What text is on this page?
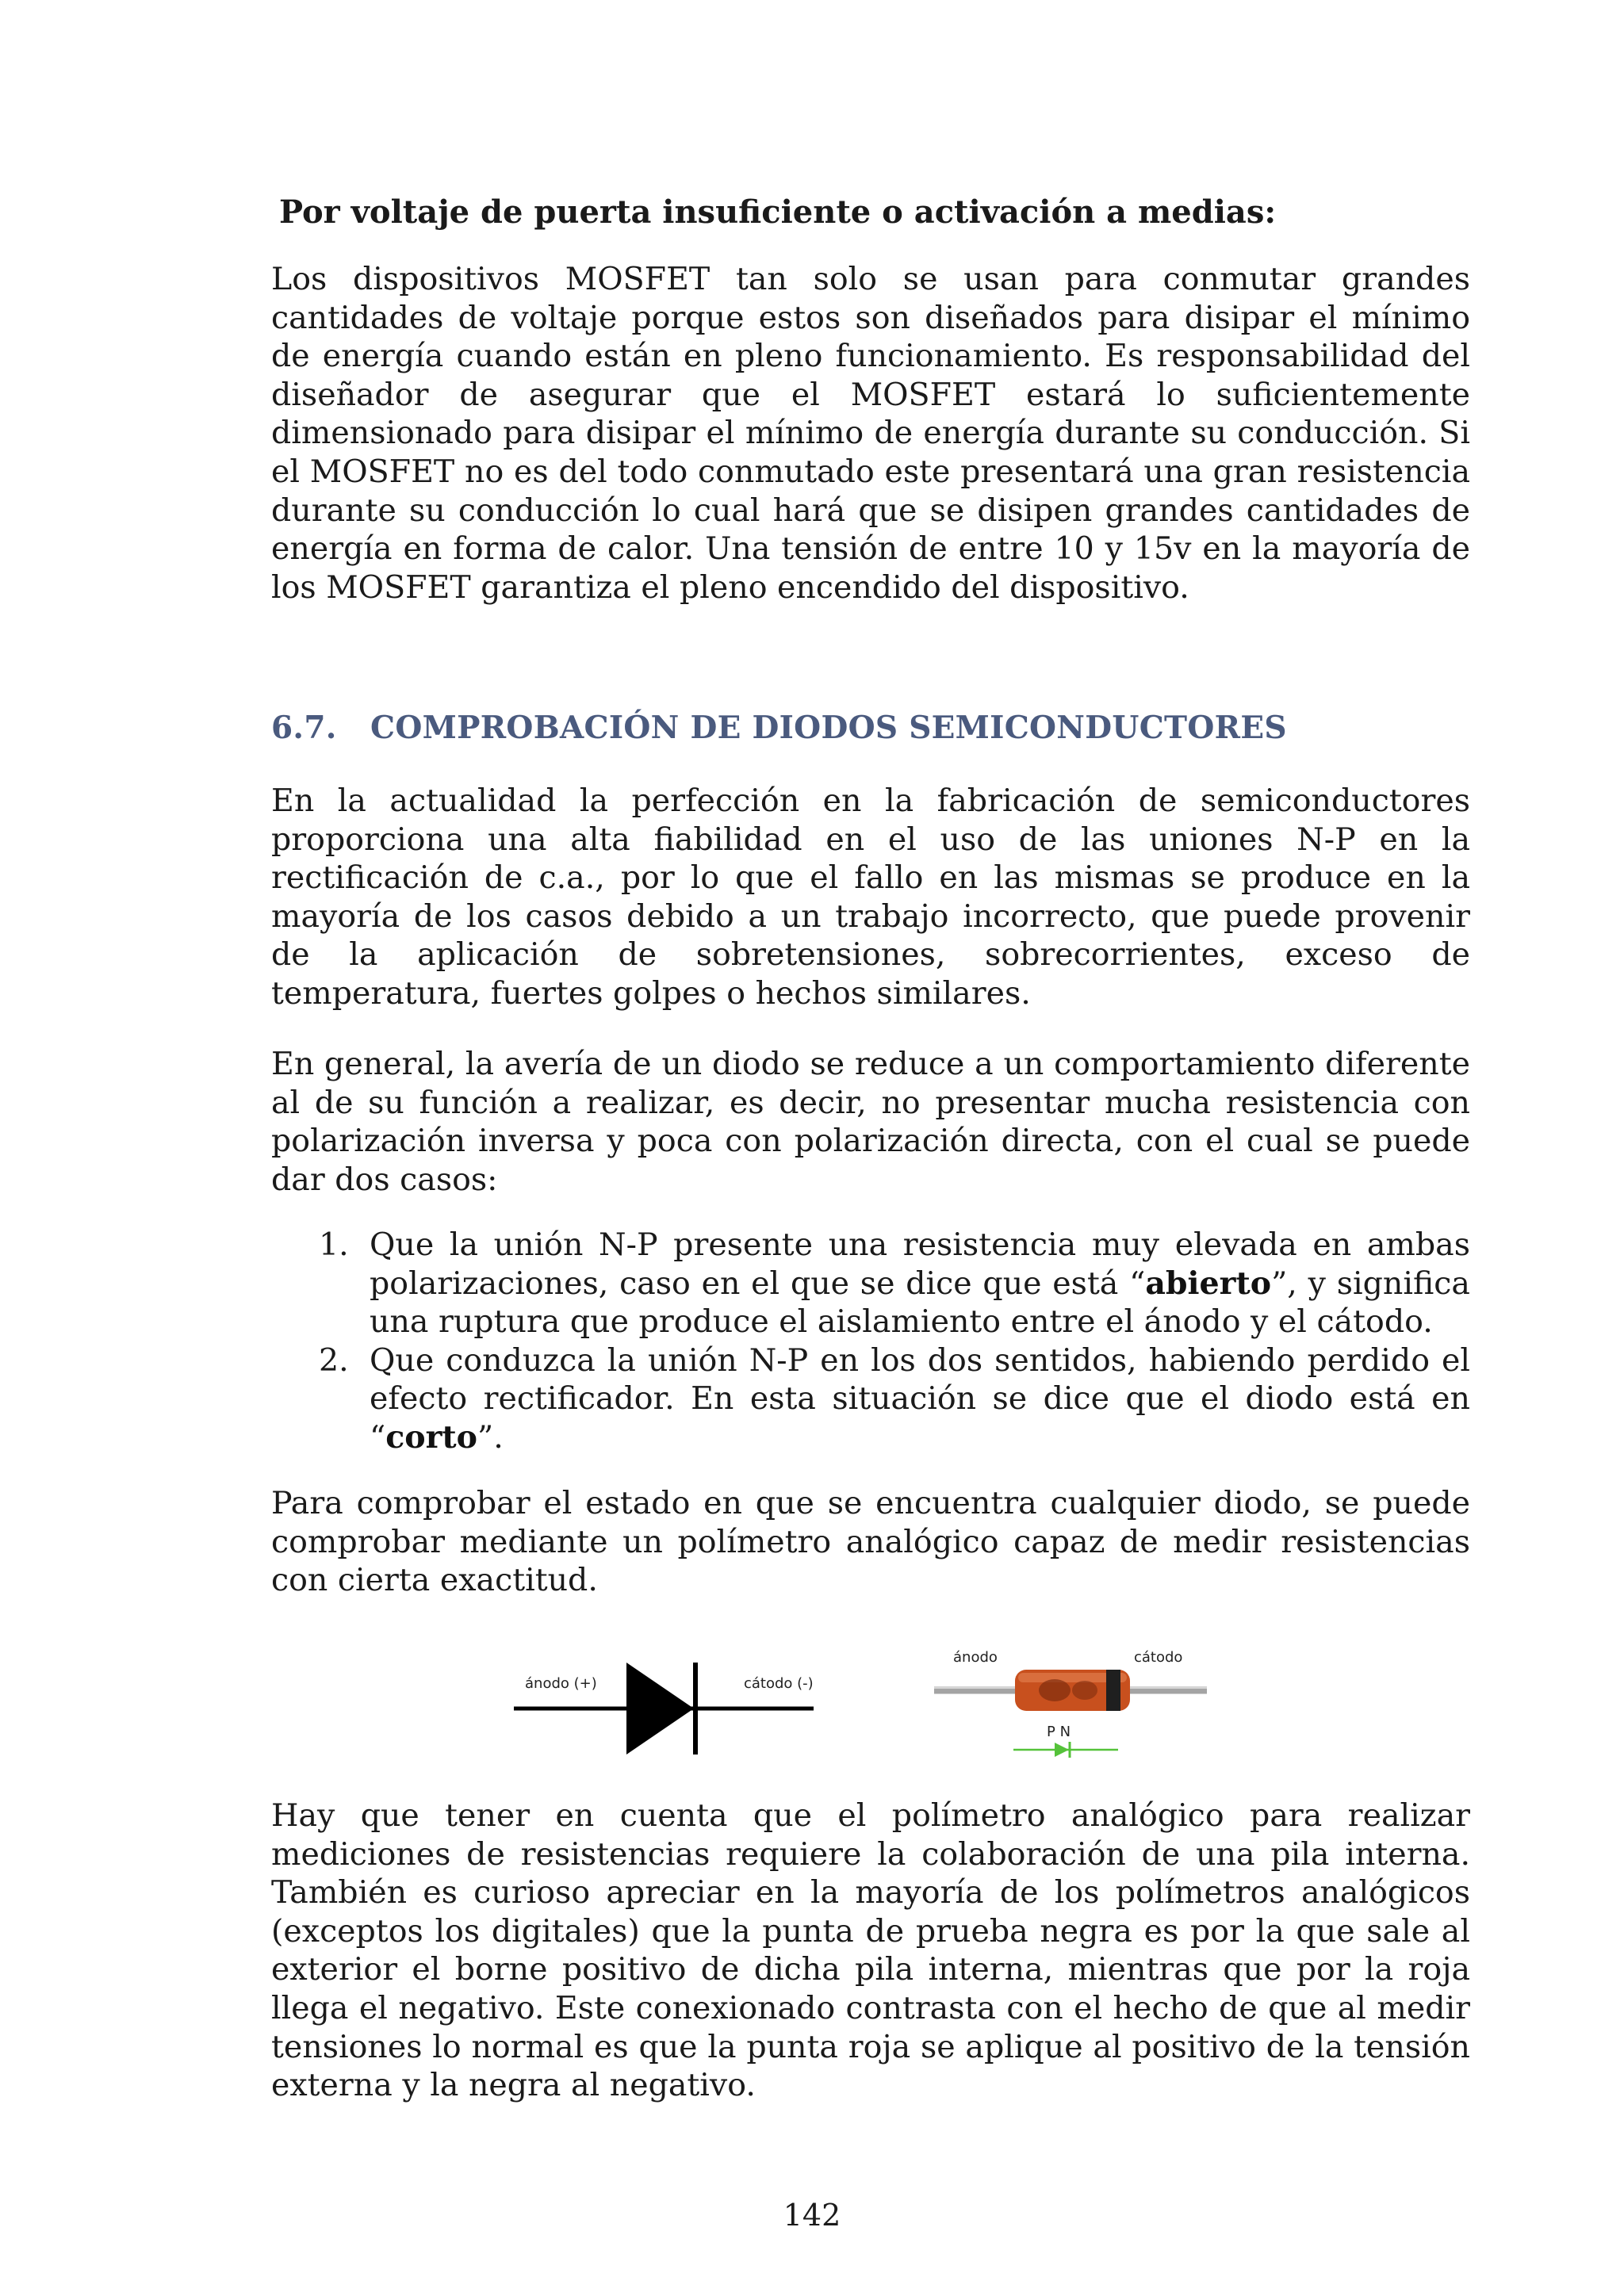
Por voltaje de puerta insuficiente o activación a medias:

Los dispositivos MOSFET tan solo se usan para conmutar grandes cantidades de voltaje porque estos son diseñados para disipar el mínimo de energía cuando están en pleno funcionamiento. Es responsabilidad del diseñador de asegurar que el MOSFET estará lo suficientemente dimensionado para disipar el mínimo de energía durante su conducción. Si el MOSFET no es del todo conmutado este presentará una gran resistencia durante su conducción lo cual hará que se disipen grandes cantidades de energía en forma de calor. Una tensión de entre 10 y 15v en la mayoría de los MOSFET garantiza el pleno encendido del dispositivo.

6.7. COMPROBACIÓN DE DIODOS SEMICONDUCTORES

En la actualidad la perfección en la fabricación de semiconductores proporciona una alta fiabilidad en el uso de las uniones N-P en la rectificación de c.a., por lo que el fallo en las mismas se produce en la mayoría de los casos debido a un trabajo incorrecto, que puede provenir de la aplicación de sobretensiones, sobrecorrientes, exceso de temperatura, fuertes golpes o hechos similares.

En general, la avería de un diodo se reduce a un comportamiento diferente al de su función a realizar, es decir, no presentar mucha resistencia con polarización inversa y poca con polarización directa, con el cual se puede dar dos casos:

1. Que la unión N-P presente una resistencia muy elevada en ambas polarizaciones, caso en el que se dice que está “abierto”, y significa una ruptura que produce el aislamiento entre el ánodo y el cátodo.
2. Que conduzca la unión N-P en los dos sentidos, habiendo perdido el efecto rectificador. En esta situación se dice que el diodo está en “corto”.

Para comprobar el estado en que se encuentra cualquier diodo, se puede comprobar mediante un polímetro analógico capaz de medir resistencias con cierta exactitud.

ánodo (+)	cátodo (-)
ánodo	cátodo
P N

Hay que tener en cuenta que el polímetro analógico para realizar mediciones de resistencias requiere la colaboración de una pila interna. También es curioso apreciar en la mayoría de los polímetros analógicos (exceptos los digitales) que la punta de prueba negra es por la que sale al exterior el borne positivo de dicha pila interna, mientras que por la roja llega el negativo. Este conexionado contrasta con el hecho de que al medir tensiones lo normal es que la punta roja se aplique al positivo de la tensión externa y la negra al negativo.

142
